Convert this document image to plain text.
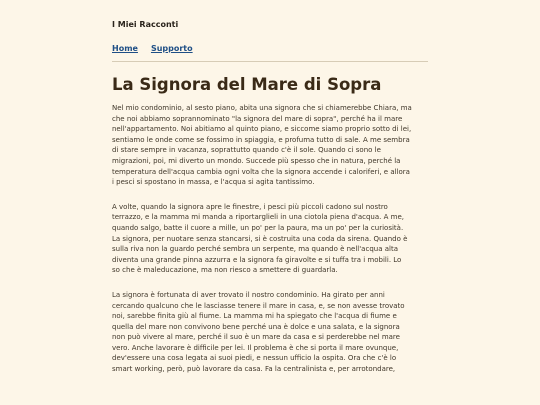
I Miei Racconti
Home Supporto
La Signora del Mare di Sopra

Nel mio condominio, al sesto piano, abita una signora che si chiamerebbe Chiara, ma
che noi abbiamo soprannominato "la signora del mare di sopra", perché ha il mare
nell'appartamento. Noi abitiamo al quinto piano, e siccome siamo proprio sotto di lei,
sentiamo le onde come se fossimo in spiaggia, e profuma tutto di sale. A me sembra
di stare sempre in vacanza, soprattutto quando c'è il sole. Quando ci sono le
migrazioni, poi, mi diverto un mondo. Succede più spesso che in natura, perché la
temperatura dell'acqua cambia ogni volta che la signora accende i caloriferi, e allora
i pesci si spostano in massa, e l'acqua si agita tantissimo.

A volte, quando la signora apre le finestre, i pesci più piccoli cadono sul nostro
terrazzo, e la mamma mi manda a riportarglieli in una ciotola piena d'acqua. A me,
quando salgo, batte il cuore a mille, un po' per la paura, ma un po' per la curiosità.
La signora, per nuotare senza stancarsi, si è costruita una coda da sirena. Quando è
sulla riva non la guardo perché sembra un serpente, ma quando è nell'acqua alta
diventa una grande pinna azzurra e la signora fa giravolte e si tuffa tra i mobili. Lo
so che è maleducazione, ma non riesco a smettere di guardarla.

La signora è fortunata di aver trovato il nostro condominio. Ha girato per anni
cercando qualcuno che le lasciasse tenere il mare in casa, e, se non avesse trovato
noi, sarebbe finita giù al fiume. La mamma mi ha spiegato che l'acqua di fiume e
quella del mare non convivono bene perché una è dolce e una salata, e la signora
non può vivere al mare, perché il suo è un mare da casa e si perderebbe nel mare
vero. Anche lavorare è difficile per lei. Il problema è che si porta il mare ovunque,
dev'essere una cosa legata ai suoi piedi, e nessun ufficio la ospita. Ora che c'è lo
smart working, però, può lavorare da casa. Fa la centralinista e, per arrotondare,
